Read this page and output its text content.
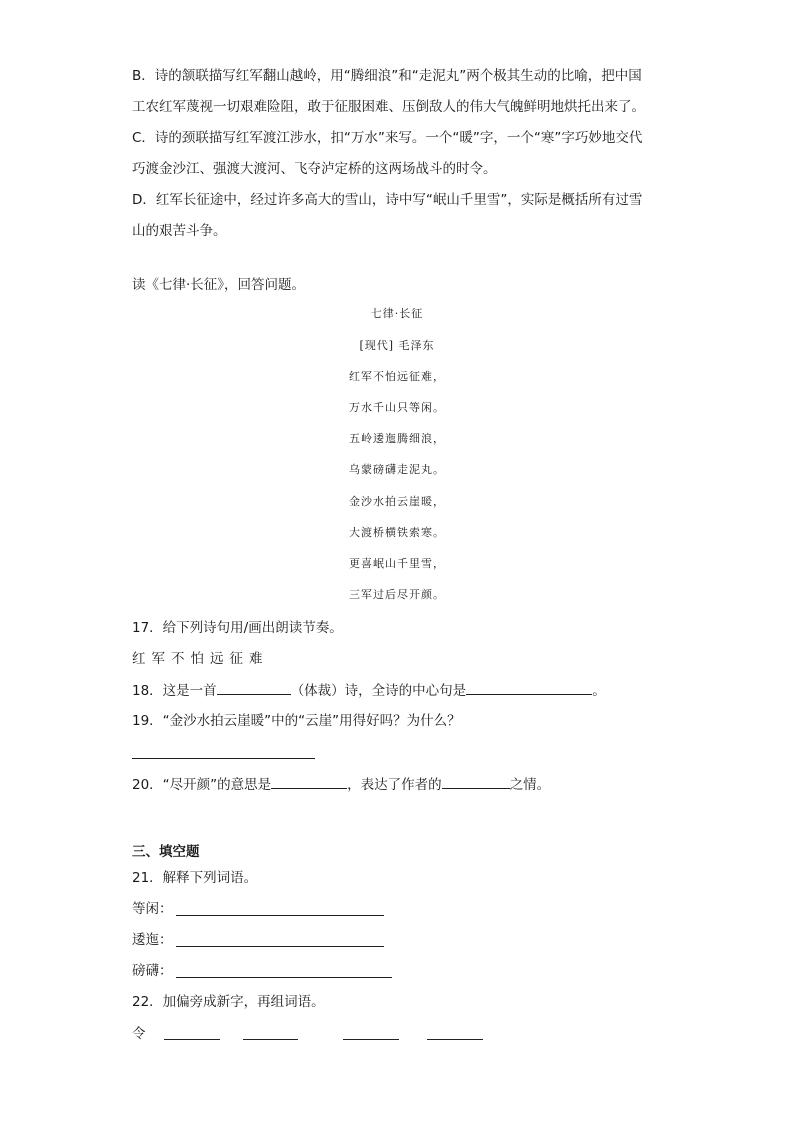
B．诗的颔联描写红军翻山越岭，用“腾细浪”和“走泥丸”两个极其生动的比喻，把中国
工农红军蔑视一切艰难险阻，敢于征服困难、压倒敌人的伟大气魄鲜明地烘托出来了。
C．诗的颈联描写红军渡江涉水，扣“万水”来写。一个“暖”字，一个“寒”字巧妙地交代
巧渡金沙江、强渡大渡河、飞夺泸定桥的这两场战斗的时令。
D．红军长征途中，经过许多高大的雪山，诗中写“岷山千里雪”，实际是概括所有过雪
山的艰苦斗争。
读《七律·长征》，回答问题。
七律·长征
[现代] 毛泽东
红军不怕远征难，
万水千山只等闲。
五岭逶迤腾细浪，
乌蒙磅礴走泥丸。
金沙水拍云崖暖，
大渡桥横铁索寒。
更喜岷山千里雪，
三军过后尽开颜。
17．给下列诗句用/画出朗读节奏。
红军不怕远征难
18．这是一首	（体裁）诗，全诗的中心句是	。
19．“金沙水拍云崖暖”中的“云崖”用得好吗？为什么？
20．“尽开颜”的意思是	，表达了作者的	之情。
三、填空题
21．解释下列词语。
等闲：
逶迤：
磅礴：
22．加偏旁成新字，再组词语。
令
